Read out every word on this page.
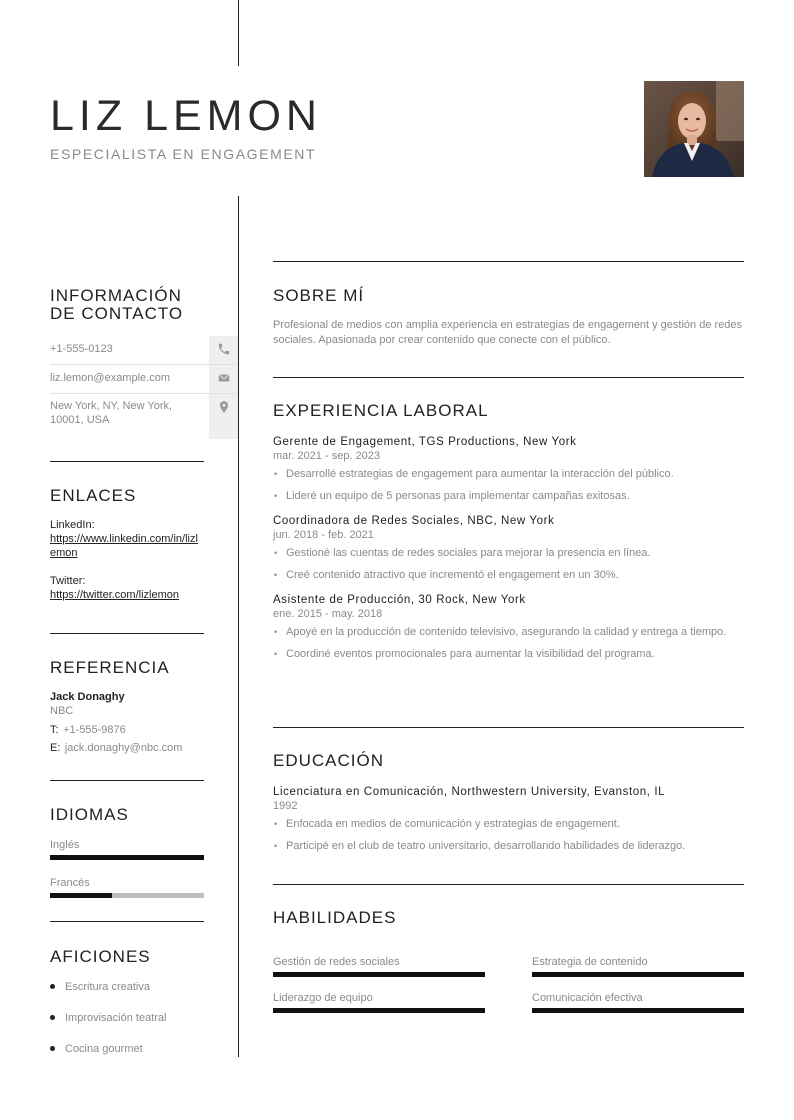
LIZ LEMON
ESPECIALISTA EN ENGAGEMENT
INFORMACIÓN
DE CONTACTO
+1-555-0123
liz.lemon@example.com
New York, NY, New York, 10001, USA
ENLACES
LinkedIn:
https://www.linkedin.com/in/lizlemon
Twitter:
https://twitter.com/lizlemon
REFERENCIA
Jack Donaghy
NBC
T: +1-555-9876
E: jack.donaghy@nbc.com
IDIOMAS
Inglés
Francés
AFICIONES
Escritura creativa
Improvisación teatral
Cocina gourmet
SOBRE MÍ
Profesional de medios con amplia experiencia en estrategias de engagement y gestión de redes sociales. Apasionada por crear contenido que conecte con el público.
EXPERIENCIA LABORAL
Gerente de Engagement, TGS Productions, New York
mar. 2021 - sep. 2023
• Desarrollé estrategias de engagement para aumentar la interacción del público.
• Lideré un equipo de 5 personas para implementar campañas exitosas.
Coordinadora de Redes Sociales, NBC, New York
jun. 2018 - feb. 2021
• Gestioné las cuentas de redes sociales para mejorar la presencia en línea.
• Creé contenido atractivo que incrementó el engagement en un 30%.
Asistente de Producción, 30 Rock, New York
ene. 2015 - may. 2018
• Apoyé en la producción de contenido televisivo, asegurando la calidad y entrega a tiempo.
• Coordiné eventos promocionales para aumentar la visibilidad del programa.
EDUCACIÓN
Licenciatura en Comunicación, Northwestern University, Evanston, IL
1992
• Enfocada en medios de comunicación y estrategias de engagement.
• Participé en el club de teatro universitario, desarrollando habilidades de liderazgo.
HABILIDADES
Gestión de redes sociales	Estrategia de contenido
Liderazgo de equipo	Comunicación efectiva
